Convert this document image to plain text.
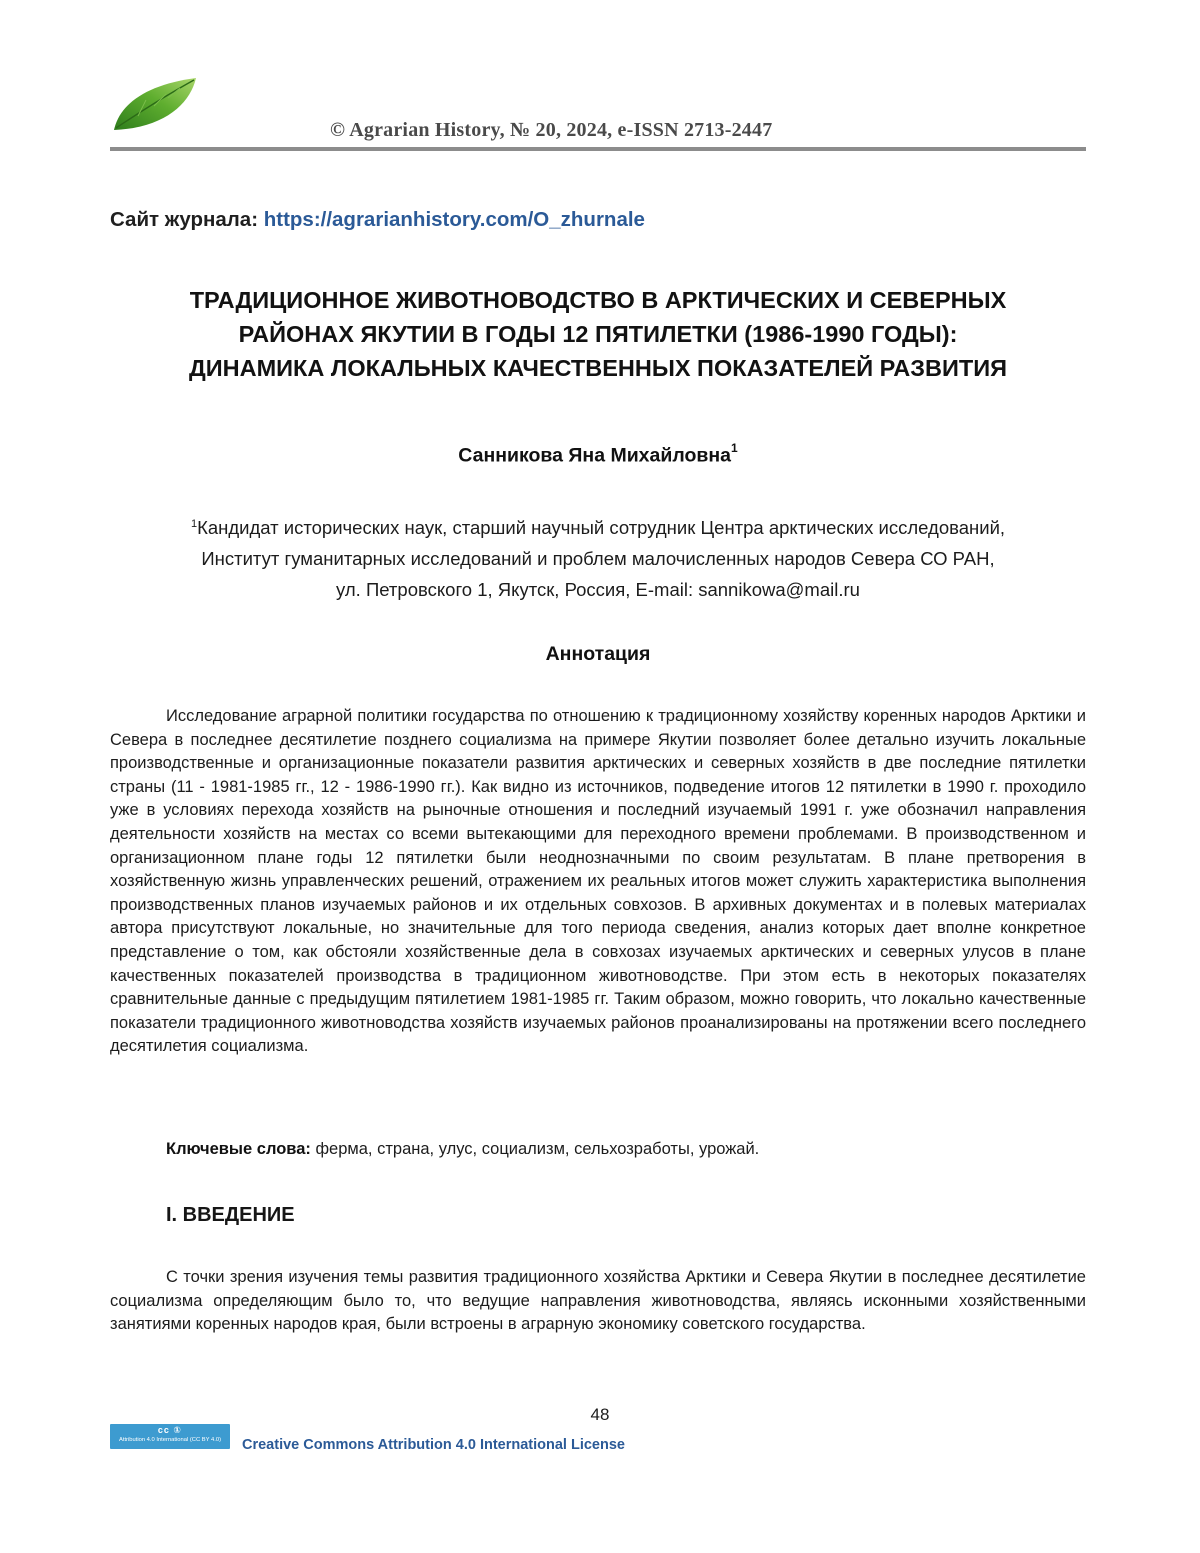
© Agrarian History, № 20, 2024, e-ISSN 2713-2447
Сайт журнала: https://agrarianhistory.com/O_zhurnale
ТРАДИЦИОННОЕ ЖИВОТНОВОДСТВО В АРКТИЧЕСКИХ И СЕВЕРНЫХ
РАЙОНАХ ЯКУТИИ В ГОДЫ 12 ПЯТИЛЕТКИ (1986-1990 ГОДЫ):
ДИНАМИКА ЛОКАЛЬНЫХ КАЧЕСТВЕННЫХ ПОКАЗАТЕЛЕЙ РАЗВИТИЯ
Санникова Яна Михайловна$^1$
$^1$Кандидат исторических наук, старший научный сотрудник Центра арктических исследований,
Институт гуманитарных исследований и проблем малочисленных народов Севера СО РАН,
ул. Петровского 1, Якутск, Россия, E-mail: sannikowa@mail.ru
Аннотация

Исследование аграрной политики государства по отношению к традиционному хозяйству коренных народов Арктики и Севера в последнее десятилетие позднего социализма на примере Якутии позволяет более детально изучить локальные производственные и организационные показатели развития арктических и северных хозяйств в две последние пятилетки страны (11 - 1981-1985 гг., 12 - 1986-1990 гг.). Как видно из источников, подведение итогов 12 пятилетки в 1990 г. проходило уже в условиях перехода хозяйств на рыночные отношения и последний изучаемый 1991 г. уже обозначил направления деятельности хозяйств на местах со всеми вытекающими для переходного времени проблемами. В производственном и организационном плане годы 12 пятилетки были неоднозначными по своим результатам. В плане претворения в хозяйственную жизнь управленческих решений, отражением их реальных итогов может служить характеристика выполнения производственных планов изучаемых районов и их отдельных совхозов. В архивных документах и в полевых материалах автора присутствуют локальные, но значительные для того периода сведения, анализ которых дает вполне конкретное представление о том, как обстояли хозяйственные дела в совхозах изучаемых арктических и северных улусов в плане качественных показателей производства в традиционном животноводстве. При этом есть в некоторых показателях сравнительные данные с предыдущим пятилетием 1981-1985 гг. Таким образом, можно говорить, что локально качественные показатели традиционного животноводства хозяйств изучаемых районов проанализированы на протяжении всего последнего десятилетия социализма.

Ключевые слова: ферма, страна, улус, социализм, сельхозработы, урожай.
I. ВВЕДЕНИЕ

С точки зрения изучения темы развития традиционного хозяйства Арктики и Севера Якутии в последнее десятилетие социализма определяющим было то, что ведущие направления животноводства, являясь исконными хозяйственными занятиями коренных народов края, были встроены в аграрную экономику советского государства.

48
cc ①
Attribution 4.0 International (CC BY 4.0)	Creative Commons Attribution 4.0 International License
